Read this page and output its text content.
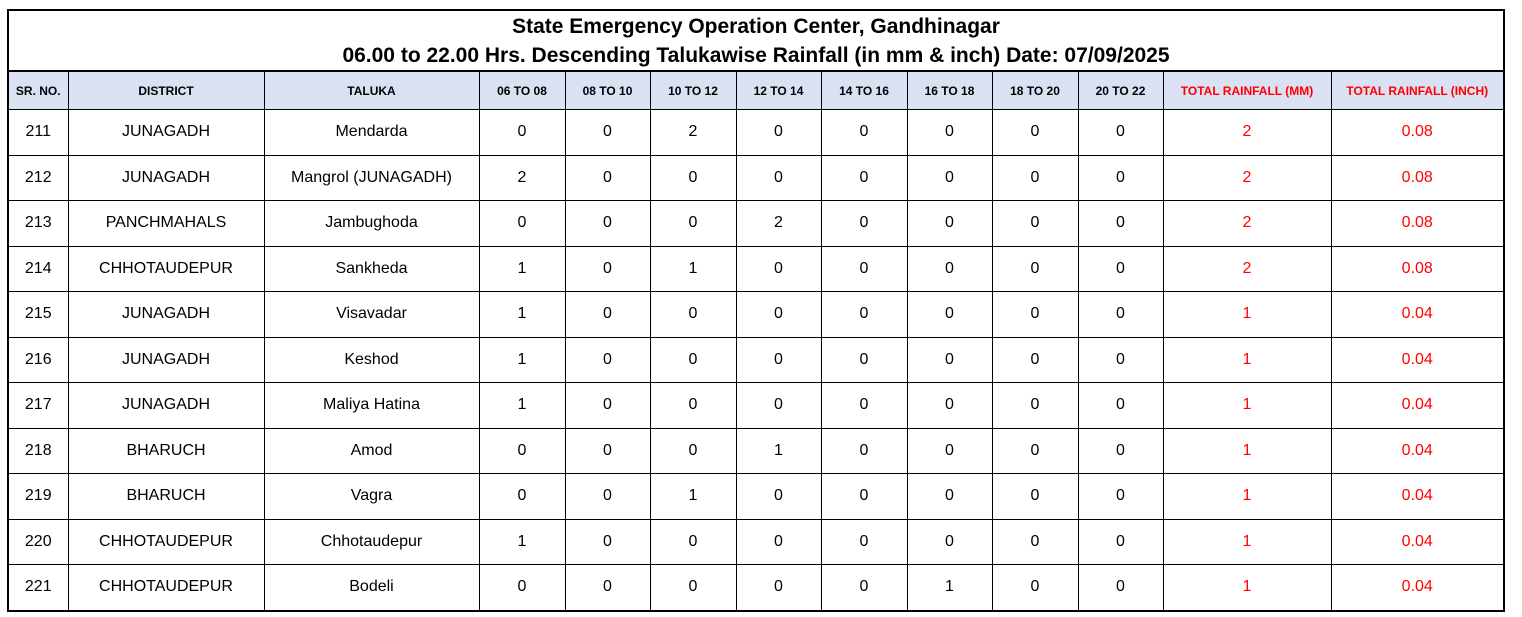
State Emergency Operation Center, Gandhinagar
06.00 to 22.00 Hrs. Descending Talukawise Rainfall (in mm & inch) Date: 07/09/2025
SR. NO.	DISTRICT	TALUKA	06 TO 08	08 TO 10	10 TO 12	12 TO 14	14 TO 16	16 TO 18	18 TO 20	20 TO 22	TOTAL RAINFALL (MM)	TOTAL RAINFALL (INCH)
211	JUNAGADH	Mendarda	0	0	2	0	0	0	0	0	2	0.08
212	JUNAGADH	Mangrol (JUNAGADH)	2	0	0	0	0	0	0	0	2	0.08
213	PANCHMAHALS	Jambughoda	0	0	0	2	0	0	0	0	2	0.08
214	CHHOTAUDEPUR	Sankheda	1	0	1	0	0	0	0	0	2	0.08
215	JUNAGADH	Visavadar	1	0	0	0	0	0	0	0	1	0.04
216	JUNAGADH	Keshod	1	0	0	0	0	0	0	0	1	0.04
217	JUNAGADH	Maliya Hatina	1	0	0	0	0	0	0	0	1	0.04
218	BHARUCH	Amod	0	0	0	1	0	0	0	0	1	0.04
219	BHARUCH	Vagra	0	0	1	0	0	0	0	0	1	0.04
220	CHHOTAUDEPUR	Chhotaudepur	1	0	0	0	0	0	0	0	1	0.04
221	CHHOTAUDEPUR	Bodeli	0	0	0	0	0	1	0	0	1	0.04
